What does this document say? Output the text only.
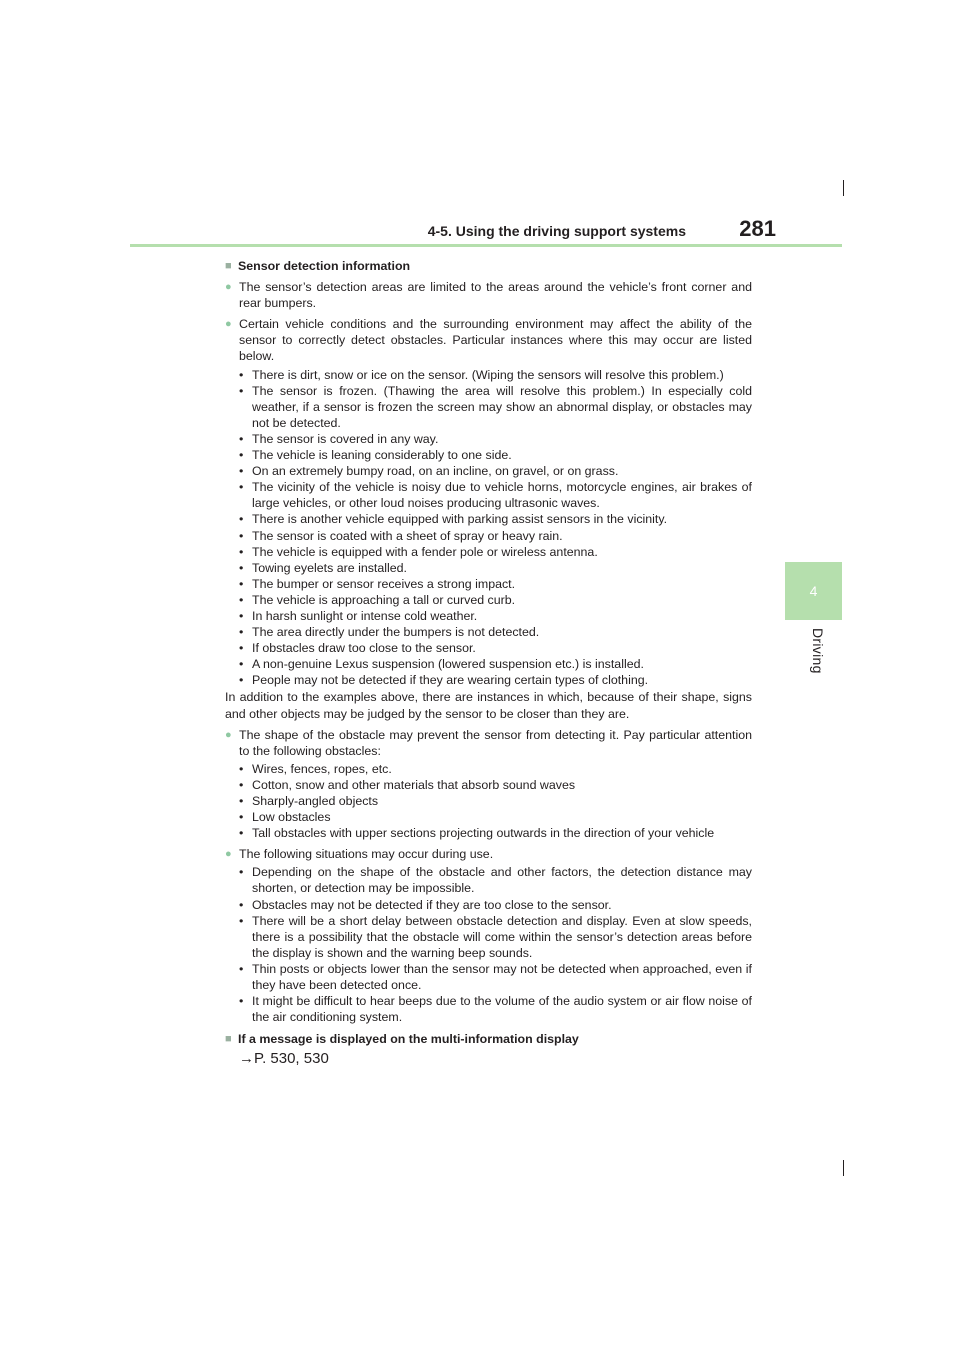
4-5. Using the driving support systems 281
4
Driving
■ Sensor detection information
● The sensor’s detection areas are limited to the areas around the vehicle’s front corner and rear bumpers.
● Certain vehicle conditions and the surrounding environment may affect the ability of the sensor to correctly detect obstacles. Particular instances where this may occur are listed below.
• There is dirt, snow or ice on the sensor. (Wiping the sensors will resolve this problem.)
• The sensor is frozen. (Thawing the area will resolve this problem.) In especially cold weather, if a sensor is frozen the screen may show an abnormal display, or obstacles may not be detected.
• The sensor is covered in any way.
• The vehicle is leaning considerably to one side.
• On an extremely bumpy road, on an incline, on gravel, or on grass.
• The vicinity of the vehicle is noisy due to vehicle horns, motorcycle engines, air brakes of large vehicles, or other loud noises producing ultrasonic waves.
• There is another vehicle equipped with parking assist sensors in the vicinity.
• The sensor is coated with a sheet of spray or heavy rain.
• The vehicle is equipped with a fender pole or wireless antenna.
• Towing eyelets are installed.
• The bumper or sensor receives a strong impact.
• The vehicle is approaching a tall or curved curb.
• In harsh sunlight or intense cold weather.
• The area directly under the bumpers is not detected.
• If obstacles draw too close to the sensor.
• A non-genuine Lexus suspension (lowered suspension etc.) is installed.
• People may not be detected if they are wearing certain types of clothing.
In addition to the examples above, there are instances in which, because of their shape, signs and other objects may be judged by the sensor to be closer than they are.
● The shape of the obstacle may prevent the sensor from detecting it. Pay particular attention to the following obstacles:
• Wires, fences, ropes, etc.
• Cotton, snow and other materials that absorb sound waves
• Sharply-angled objects
• Low obstacles
• Tall obstacles with upper sections projecting outwards in the direction of your vehicle
● The following situations may occur during use.
• Depending on the shape of the obstacle and other factors, the detection distance may shorten, or detection may be impossible.
• Obstacles may not be detected if they are too close to the sensor.
• There will be a short delay between obstacle detection and display. Even at slow speeds, there is a possibility that the obstacle will come within the sensor’s detection areas before the display is shown and the warning beep sounds.
• Thin posts or objects lower than the sensor may not be detected when approached, even if they have been detected once.
• It might be difficult to hear beeps due to the volume of the audio system or air flow noise of the air conditioning system.
■ If a message is displayed on the multi-information display
→P. 530, 530
